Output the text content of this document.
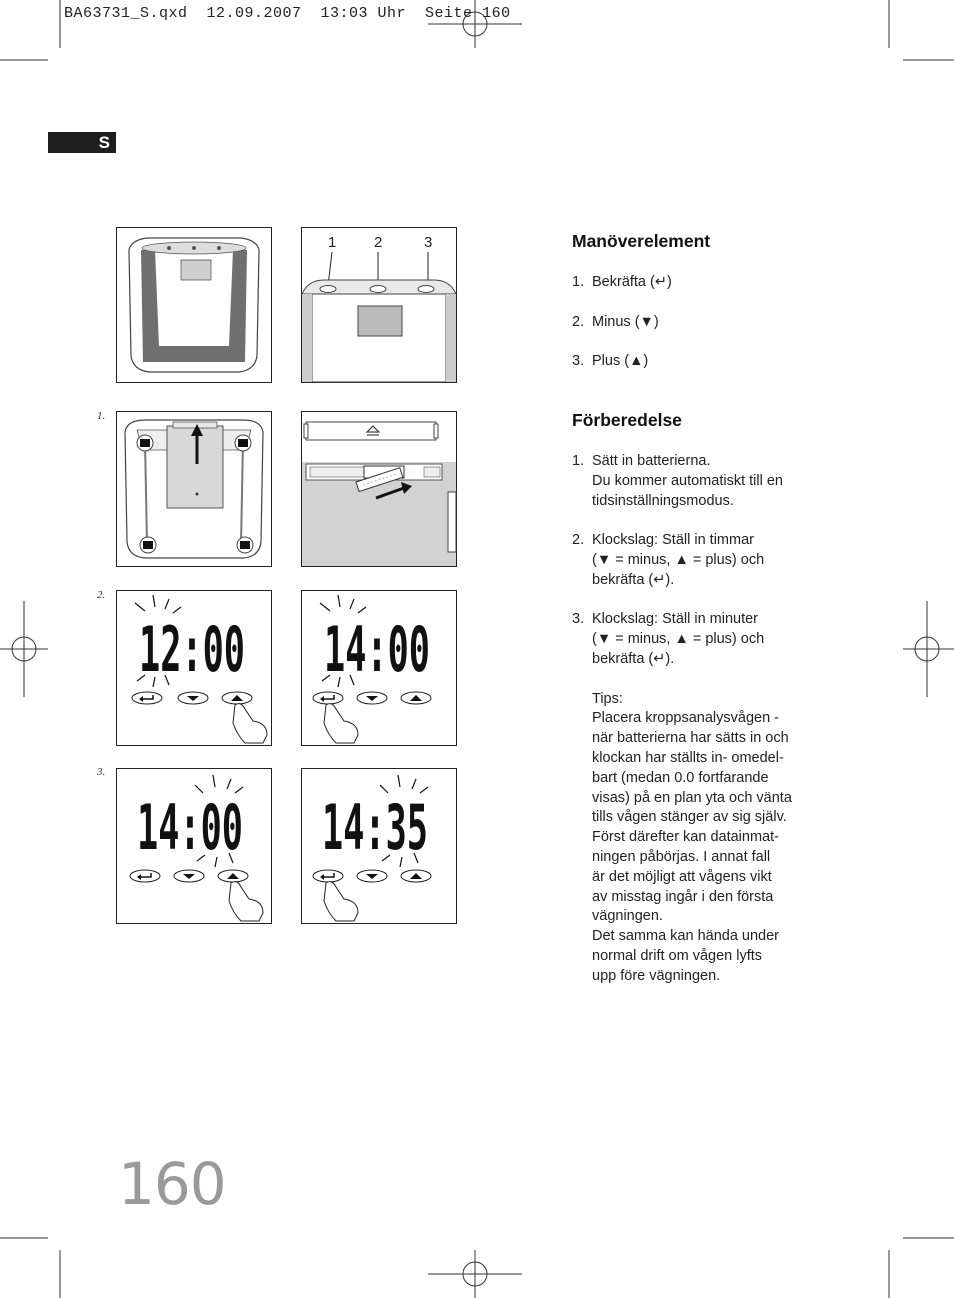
BA63731_S.qxd  12.09.2007  13:03 Uhr  Seite 160
S
1	2	3
1.
2.
12:00 14:00
3.
14:00 14:35
Manöverelement
1. Bekräfta (↵)
2. Minus (▼)
3. Plus (▲)
Förberedelse
1. Sätt in batterierna.
Du kommer automatiskt till en
tidsinställningsmodus.
2. Klockslag: Ställ in timmar
(▼ = minus, ▲ = plus) och
bekräfta (↵).
3. Klockslag: Ställ in minuter
(▼ = minus, ▲ = plus) och
bekräfta (↵).
Tips:
Placera kroppsanalysvågen -
när batterierna har sätts in och
klockan har ställts in- omedel-
bart (medan 0.0 fortfarande
visas) på en plan yta och vänta
tills vågen stänger av sig själv.
Först därefter kan datainmat-
ningen påbörjas. I annat fall
är det möjligt att vågens vikt
av misstag ingår i den första
vägningen.
Det samma kan hända under
normal drift om vågen lyfts
upp före vägningen.
160
